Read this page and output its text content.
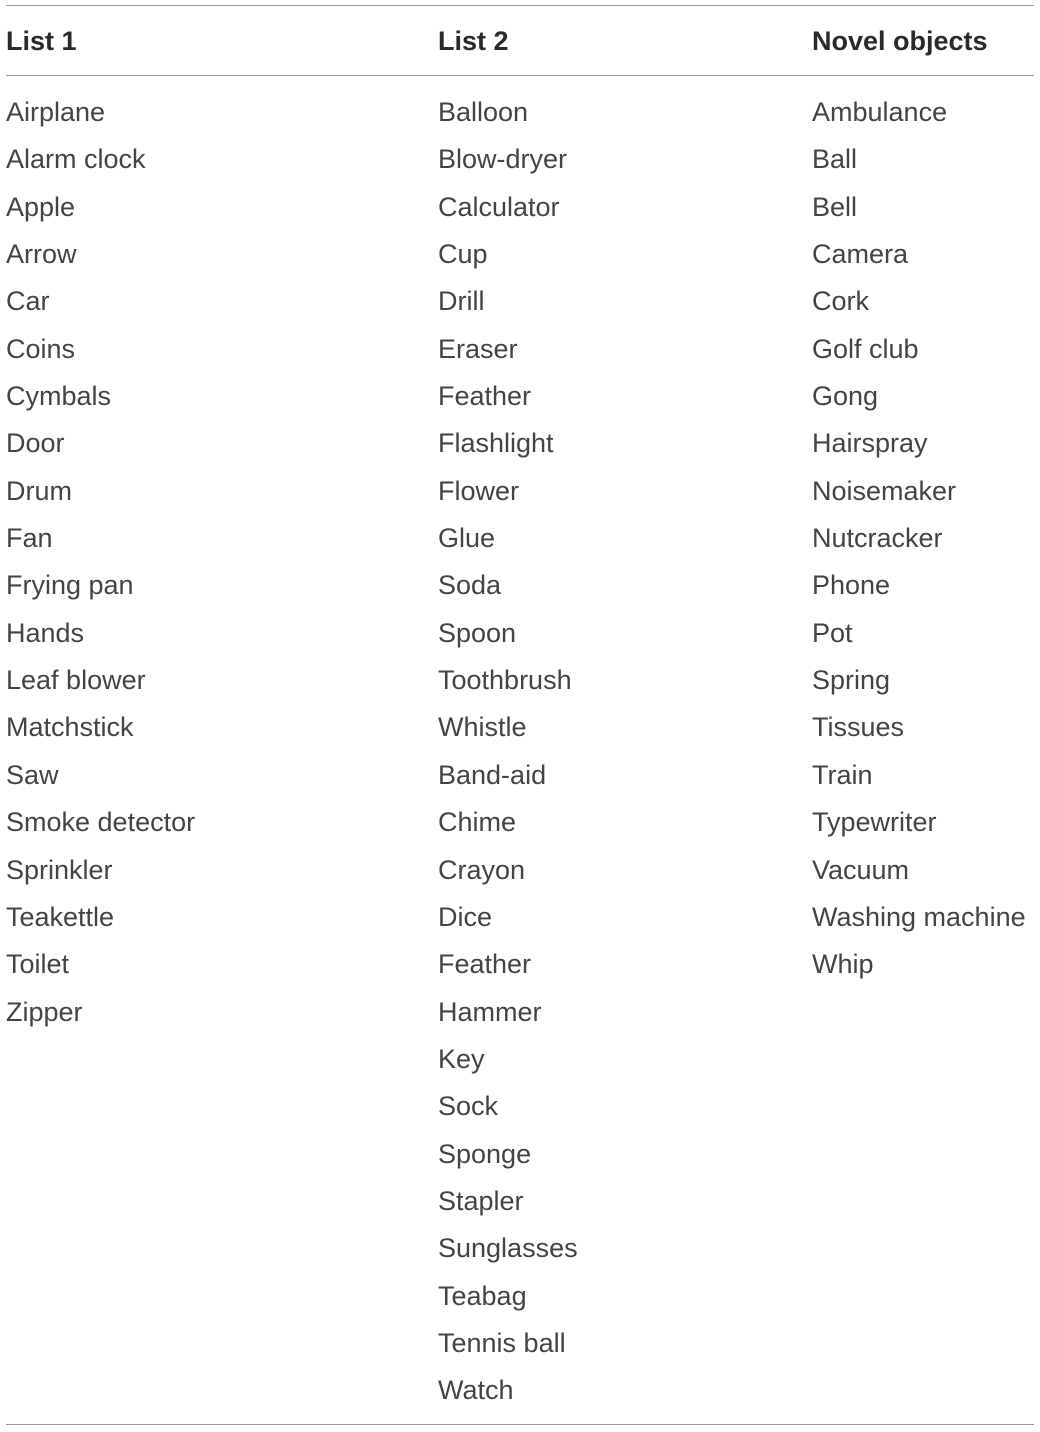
List 1	List 2	Novel objects
Airplane
Alarm clock
Apple
Arrow
Car
Coins
Cymbals
Door
Drum
Fan
Frying pan
Hands
Leaf blower
Matchstick
Saw
Smoke detector
Sprinkler
Teakettle
Toilet
Zipper
Balloon
Blow-dryer
Calculator
Cup
Drill
Eraser
Feather
Flashlight
Flower
Glue
Soda
Spoon
Toothbrush
Whistle
Band-aid
Chime
Crayon
Dice
Feather
Hammer
Key
Sock
Sponge
Stapler
Sunglasses
Teabag
Tennis ball
Watch
Ambulance
Ball
Bell
Camera
Cork
Golf club
Gong
Hairspray
Noisemaker
Nutcracker
Phone
Pot
Spring
Tissues
Train
Typewriter
Vacuum
Washing machine
Whip
